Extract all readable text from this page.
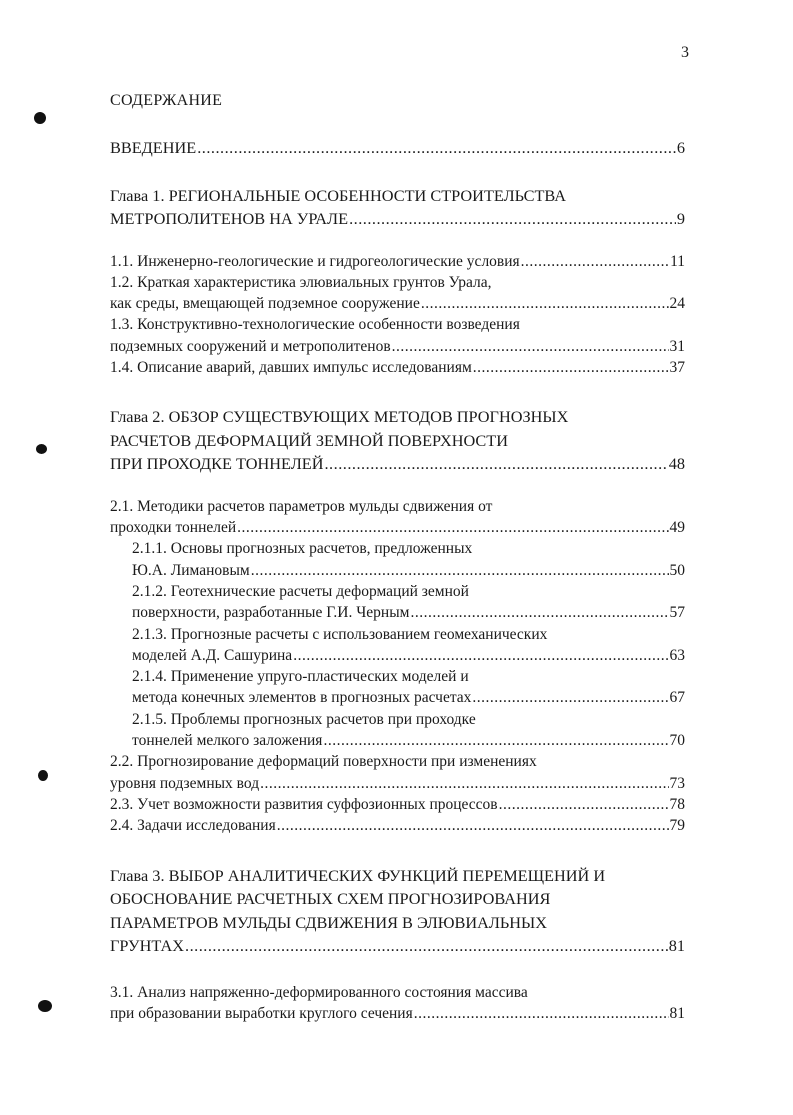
3
СОДЕРЖАНИЕ
ВВЕДЕНИЕ .....	6
Глава 1. РЕГИОНАЛЬНЫЕ ОСОБЕННОСТИ СТРОИТЕЛЬСТВА
МЕТРОПОЛИТЕНОВ НА УРАЛЕ .....	9
1.1. Инженерно-геологические и гидрогеологические условия .....	11
1.2. Краткая характеристика элювиальных грунтов Урала,
как среды, вмещающей подземное сооружение .....	24
1.3. Конструктивно-технологические особенности возведения
подземных сооружений и метрополитенов .....	31
1.4. Описание аварий, давших импульс исследованиям .....	37
Глава 2. ОБЗОР СУЩЕСТВУЮЩИХ МЕТОДОВ ПРОГНОЗНЫХ
РАСЧЕТОВ ДЕФОРМАЦИЙ ЗЕМНОЙ ПОВЕРХНОСТИ
ПРИ ПРОХОДКЕ ТОННЕЛЕЙ .....	48
2.1. Методики расчетов параметров мульды сдвижения от
проходки тоннелей .....	49
2.1.1. Основы прогнозных расчетов, предложенных
Ю.А. Лимановым .....	50
2.1.2. Геотехнические расчеты деформаций земной
поверхности, разработанные Г.И. Черным .....	57
2.1.3. Прогнозные расчеты с использованием геомеханических
моделей А.Д. Сашурина .....	63
2.1.4. Применение упруго-пластических моделей и
метода конечных элементов в прогнозных расчетах .....	67
2.1.5. Проблемы прогнозных расчетов при проходке
тоннелей мелкого заложения .....	70
2.2. Прогнозирование деформаций поверхности при изменениях
уровня подземных вод .....	73
2.3. Учет возможности развития суффозионных процессов .....	78
2.4. Задачи исследования .....	79
Глава 3. ВЫБОР АНАЛИТИЧЕСКИХ ФУНКЦИЙ ПЕРЕМЕЩЕНИЙ И
ОБОСНОВАНИЕ РАСЧЕТНЫХ СХЕМ ПРОГНОЗИРОВАНИЯ
ПАРАМЕТРОВ МУЛЬДЫ СДВИЖЕНИЯ В ЭЛЮВИАЛЬНЫХ
ГРУНТАХ .....	81
3.1. Анализ напряженно-деформированного состояния массива
при образовании выработки круглого сечения .....	81
